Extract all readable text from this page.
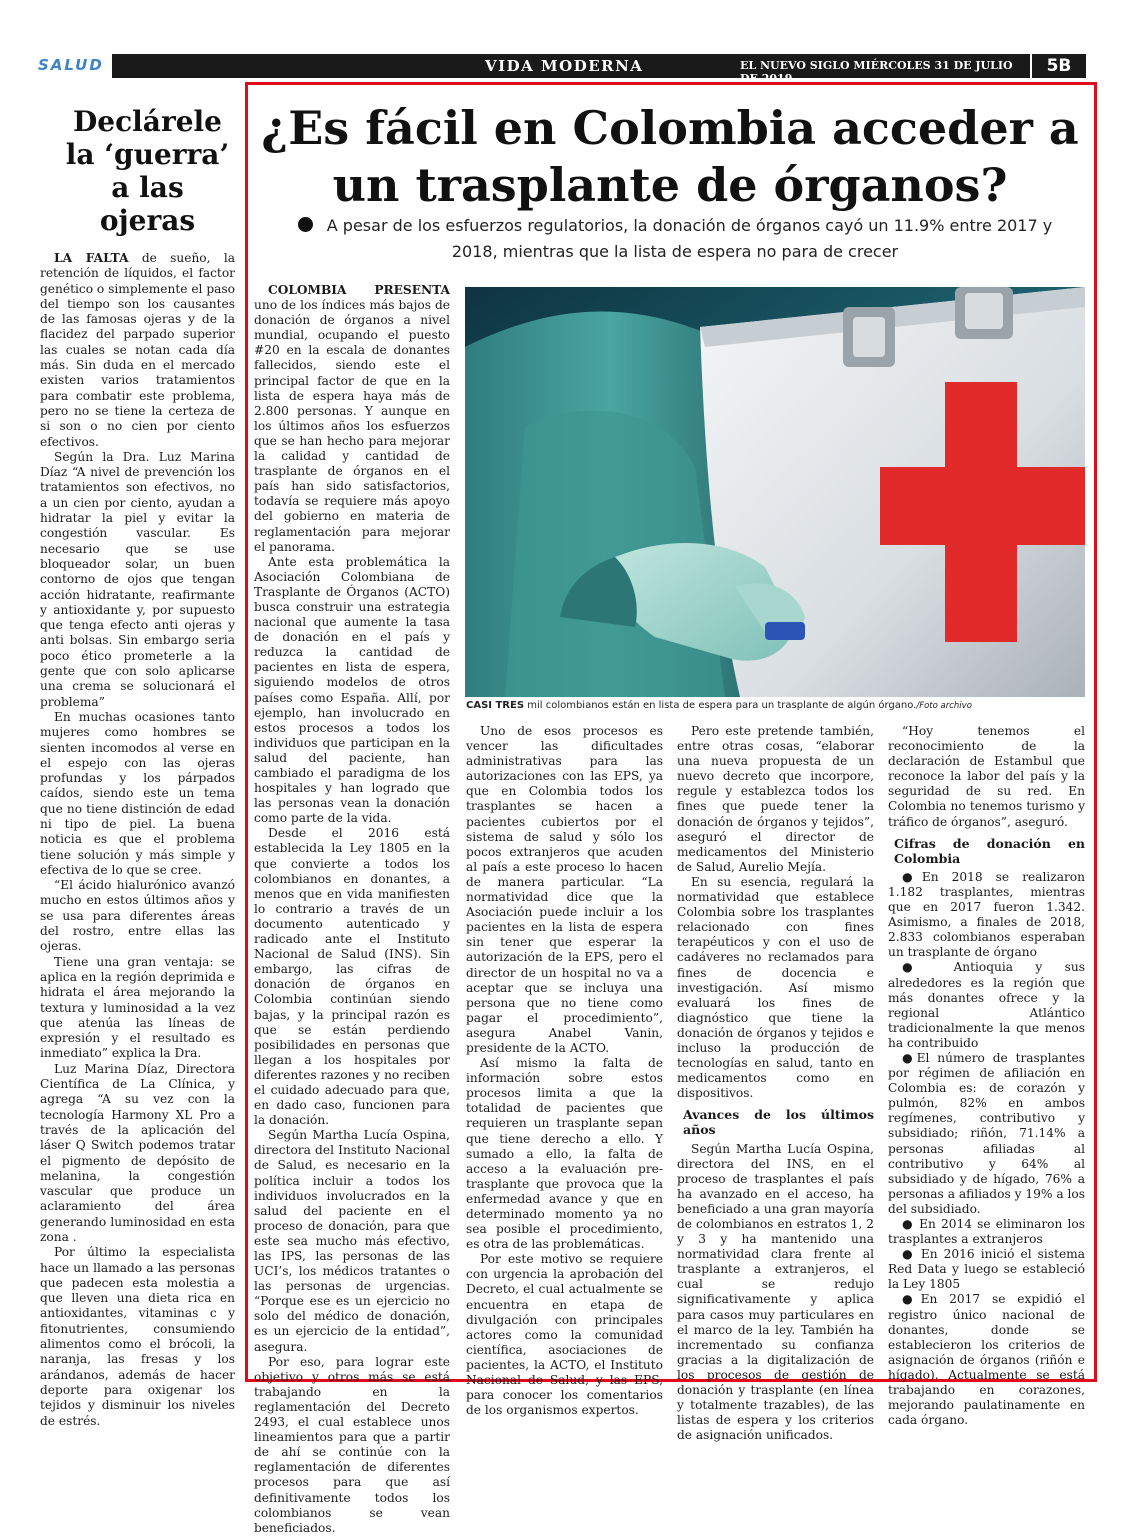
SALUD	VIDA MODERNA	EL NUEVO SIGLO MIÉRCOLES 31 DE JULIO DE 2019
5B
Declárele la ‘guerra’ a las ojeras

LA FALTA de sueño, la retención de líquidos, el factor genético o simplemente el paso del tiempo son los causantes de las famosas ojeras y de la flacidez del parpado superior las cuales se notan cada día más. Sin duda en el mercado existen varios tratamientos para combatir este problema, pero no se tiene la certeza de si son o no cien por ciento efectivos.

Según la Dra. Luz Marina Díaz “A nivel de prevención los tratamientos son efectivos, no a un cien por ciento, ayudan a hidratar la piel y evitar la congestión vascular. Es necesario que se use bloqueador solar, un buen contorno de ojos que tengan acción hidratante, reafirmante y antioxidante y, por supuesto que tenga efecto anti ojeras y anti bolsas. Sin embargo seria poco ético prometerle a la gente que con solo aplicarse una crema se solucionará el problema”

En muchas ocasiones tanto mujeres como hombres se sienten incomodos al verse en el espejo con las ojeras profundas y los párpados caídos, siendo este un tema que no tiene distinción de edad ni tipo de piel. La buena noticia es que el problema tiene solución y más simple y efectiva de lo que se cree.

“El ácido hialurónico avanzó mucho en estos últimos años y se usa para diferentes áreas del rostro, entre ellas las ojeras.

Tiene una gran ventaja: se aplica en la región deprimida e hidrata el área mejorando la textura y luminosidad a la vez que atenúa las líneas de expresión y el resultado es inmediato” explica la Dra.

Luz Marina Díaz, Directora Científica de La Clínica, y agrega “A su vez con la tecnología Harmony XL Pro a través de la aplicación del láser Q Switch podemos tratar el pigmento de depósito de melanina, la congestión vascular que produce un aclaramiento del área generando luminosidad en esta zona .

Por último la especialista hace un llamado a las personas que padecen esta molestia a que lleven una dieta rica en antioxidantes, vitaminas c y fitonutrientes, consumiendo alimentos como el brócoli, la naranja, las fresas y los arándanos, además de hacer deporte para oxigenar los tejidos y disminuir los niveles de estrés.

¿Es fácil en Colombia acceder a un trasplante de órganos?
A pesar de los esfuerzos regulatorios, la donación de órganos cayó un 11.9% entre 2017 y 2018, mientras que la lista de espera no para de crecer

COLOMBIA PRESENTA uno de los índices más bajos de donación de órganos a nivel mundial, ocupando el puesto #20 en la escala de donantes fallecidos, siendo este el principal factor de que en la lista de espera haya más de 2.800 personas. Y aunque en los últimos años los esfuerzos que se han hecho para mejorar la calidad y cantidad de trasplante de órganos en el país han sido satisfactorios, todavía se requiere más apoyo del gobierno en materia de reglamentación para mejorar el panorama.

Ante esta problemática la Asociación Colombiana de Trasplante de Órganos (ACTO) busca construir una estrategia nacional que aumente la tasa de donación en el país y reduzca la cantidad de pacientes en lista de espera, siguiendo modelos de otros países como España. Allí, por ejemplo, han involucrado en estos procesos a todos los individuos que participan en la salud del paciente, han cambiado el paradigma de los hospitales y han logrado que las personas vean la donación como parte de la vida.

Desde el 2016 está establecida la Ley 1805 en la que convierte a todos los colombianos en donantes, a menos que en vida manifiesten lo contrario a través de un documento autenticado y radicado ante el Instituto Nacional de Salud (INS). Sin embargo, las cifras de donación de órganos en Colombia continúan siendo bajas, y la principal razón es que se están perdiendo posibilidades en personas que llegan a los hospitales por diferentes razones y no reciben el cuidado adecuado para que, en dado caso, funcionen para la donación.

Según Martha Lucía Ospina, directora del Instituto Nacional de Salud, es necesario en la política incluir a todos los individuos involucrados en la salud del paciente en el proceso de donación, para que este sea mucho más efectivo, las IPS, las personas de las UCI’s, los médicos tratantes o las personas de urgencias. “Porque ese es un ejercicio no solo del médico de donación, es un ejercicio de la entidad”, asegura.

Por eso, para lograr este objetivo y otros más se está trabajando en la reglamentación del Decreto 2493, el cual establece unos lineamientos para que a partir de ahí se continúe con la reglamentación de diferentes procesos para que así definitivamente todos los colombianos se vean beneficiados.

CASI TRES mil colombianos están en lista de espera para un trasplante de algún órgano./Foto archivo

Uno de esos procesos es vencer las dificultades administrativas para las autorizaciones con las EPS, ya que en Colombia todos los trasplantes se hacen a pacientes cubiertos por el sistema de salud y sólo los pocos extranjeros que acuden al país a este proceso lo hacen de manera particular. “La normatividad dice que la Asociación puede incluir a los pacientes en la lista de espera sin tener que esperar la autorización de la EPS, pero el director de un hospital no va a aceptar que se incluya una persona que no tiene como pagar el procedimiento”, asegura Anabel Vanin, presidente de la ACTO.

Así mismo la falta de información sobre estos procesos limita a que la totalidad de pacientes que requieren un trasplante sepan que tiene derecho a ello. Y sumado a ello, la falta de acceso a la evaluación pre-trasplante que provoca que la enfermedad avance y que en determinado momento ya no sea posible el procedimiento, es otra de las problemáticas.

Por este motivo se requiere con urgencia la aprobación del Decreto, el cual actualmente se encuentra en etapa de divulgación con principales actores como la comunidad científica, asociaciones de pacientes, la ACTO, el Instituto Nacional de Salud, y las EPS, para conocer los comentarios de los organismos expertos.

Pero este pretende también, entre otras cosas, “elaborar una nueva propuesta de un nuevo decreto que incorpore, regule y establezca todos los fines que puede tener la donación de órganos y tejidos”, aseguró el director de medicamentos del Ministerio de Salud, Aurelio Mejía.

En su esencia, regulará la normatividad que establece Colombia sobre los trasplantes relacionado con fines terapéuticos y con el uso de cadáveres no reclamados para fines de docencia e investigación. Así mismo evaluará los fines de diagnóstico que tiene la donación de órganos y tejidos e incluso la producción de tecnologías en salud, tanto en medicamentos como en dispositivos.

Avances de los últimos años

Según Martha Lucía Ospina, directora del INS, en el proceso de trasplantes el país ha avanzado en el acceso, ha beneficiado a una gran mayoría de colombianos en estratos 1, 2 y 3 y ha mantenido una normatividad clara frente al trasplante a extranjeros, el cual se redujo significativamente y aplica para casos muy particulares en el marco de la ley. También ha incrementado su confianza gracias a la digitalización de los procesos de gestión de donación y trasplante (en línea y totalmente trazables), de las listas de espera y los criterios de asignación unificados.

“Hoy tenemos el reconocimiento de la declaración de Estambul que reconoce la labor del país y la seguridad de su red. En Colombia no tenemos turismo y tráfico de órganos”, aseguró.

Cifras de donación en Colombia

●En 2018 se realizaron 1.182 trasplantes, mientras que en 2017 fueron 1.342. Asimismo, a finales de 2018, 2.833 colombianos esperaban un trasplante de órgano

● Antioquia y sus alrededores es la región que más donantes ofrece y la regional Atlántico tradicionalmente la que menos ha contribuido

●El número de trasplantes por régimen de afiliación en Colombia es: de corazón y pulmón, 82% en ambos regímenes, contributivo y subsidiado; riñón, 71.14% a personas afiliadas al contributivo y 64% al subsidiado y de hígado, 76% a personas a afiliados y 19% a los del subsidiado.

● En 2014 se eliminaron los trasplantes a extranjeros

● En 2016 inició el sistema Red Data y luego se estableció la Ley 1805

●En 2017 se expidió el registro único nacional de donantes, donde se establecieron los criterios de asignación de órganos (riñón e hígado). Actualmente se está trabajando en corazones, mejorando paulatinamente en cada órgano.
